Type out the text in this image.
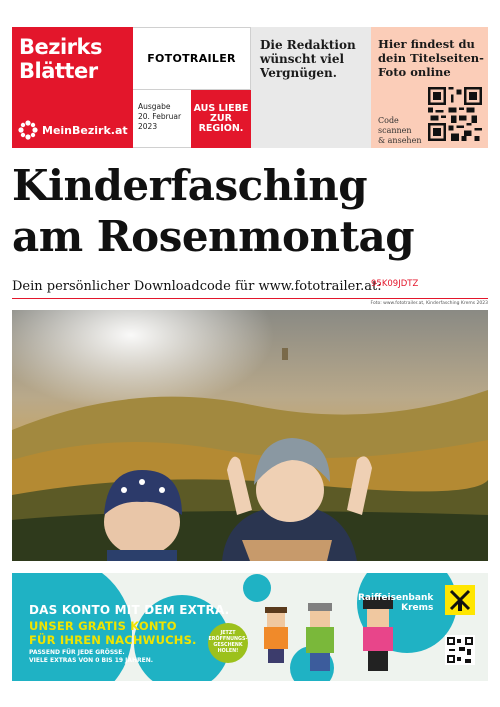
Bezirks
Blätter
MeinBezirk.at
FOTOTRAILER
Ausgabe
20. Februar
2023
AUS LIEBE
ZUR
REGION.
Die Redaktion
wünscht viel
Vergnügen.
Hier findest du
dein Titelseiten-
Foto online
Code
scannen
& ansehen
Kinderfasching
am Rosenmontag
Dein persönlicher Downloadcode für www.fototrailer.at:
95K09JDTZ
Foto: www.fototrailer.at, Kinderfasching Krems 2023
DAS KONTO MIT DEM EXTRA.
UNSER GRATIS KONTO
FÜR IHREN NACHWUCHS.
PASSEND FÜR JEDE GRÖSSE.
VIELE EXTRAS VON 0 BIS 19 JAHREN.
JETZT
ERÖFFNUNGS-
GESCHENK
HOLEN!
Raiffeisenbank
Krems
